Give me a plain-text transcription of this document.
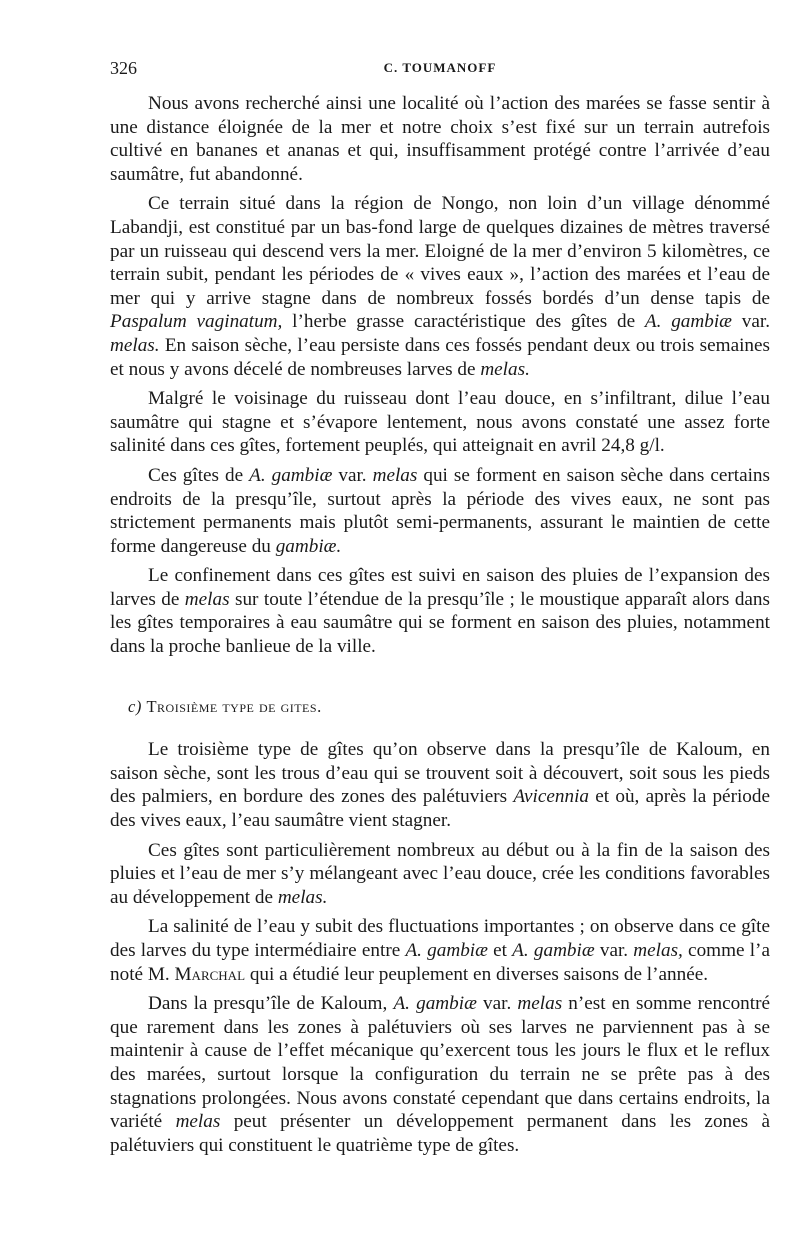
326	C. TOUMANOFF

Nous avons recherché ainsi une localité où l’action des marées se fasse sentir à une distance éloignée de la mer et notre choix s’est fixé sur un terrain autrefois cultivé en bananes et ananas et qui, insuffisamment protégé contre l’arrivée d’eau saumâtre, fut abandonné.

Ce terrain situé dans la région de Nongo, non loin d’un village dénommé Labandji, est constitué par un bas-fond large de quelques dizaines de mètres traversé par un ruisseau qui descend vers la mer. Eloigné de la mer d’environ 5 kilomètres, ce terrain subit, pendant les périodes de « vives eaux », l’action des marées et l’eau de mer qui y arrive stagne dans de nombreux fossés bordés d’un dense tapis de Paspalum vaginatum, l’herbe grasse caractéristique des gîtes de A. gambiæ var. melas. En saison sèche, l’eau persiste dans ces fossés pendant deux ou trois semaines et nous y avons décelé de nombreuses larves de melas.

Malgré le voisinage du ruisseau dont l’eau douce, en s’infiltrant, dilue l’eau saumâtre qui stagne et s’évapore lentement, nous avons constaté une assez forte salinité dans ces gîtes, fortement peuplés, qui atteignait en avril 24,8 g/l.

Ces gîtes de A. gambiæ var. melas qui se forment en saison sèche dans certains endroits de la presqu’île, surtout après la période des vives eaux, ne sont pas strictement permanents mais plutôt semi-permanents, assurant le maintien de cette forme dangereuse du gambiæ.

Le confinement dans ces gîtes est suivi en saison des pluies de l’expansion des larves de melas sur toute l’étendue de la presqu’île ; le moustique apparaît alors dans les gîtes temporaires à eau saumâtre qui se forment en saison des pluies, notamment dans la proche banlieue de la ville.

c) Troisième type de gites.

Le troisième type de gîtes qu’on observe dans la presqu’île de Kaloum, en saison sèche, sont les trous d’eau qui se trouvent soit à découvert, soit sous les pieds des palmiers, en bordure des zones des palétuviers Avicennia et où, après la période des vives eaux, l’eau saumâtre vient stagner.

Ces gîtes sont particulièrement nombreux au début ou à la fin de la saison des pluies et l’eau de mer s’y mélangeant avec l’eau douce, crée les conditions favorables au développement de melas.

La salinité de l’eau y subit des fluctuations importantes ; on observe dans ce gîte des larves du type intermédiaire entre A. gambiæ et A. gambiæ var. melas, comme l’a noté M. Marchal qui a étudié leur peuplement en diverses saisons de l’année.

Dans la presqu’île de Kaloum, A. gambiæ var. melas n’est en somme rencontré que rarement dans les zones à palétuviers où ses larves ne parviennent pas à se maintenir à cause de l’effet mécanique qu’exercent tous les jours le flux et le reflux des marées, surtout lorsque la configuration du terrain ne se prête pas à des stagnations prolongées. Nous avons constaté cependant que dans certains endroits, la variété melas peut présenter un développement permanent dans les zones à palétuviers qui constituent le quatrième type de gîtes.
